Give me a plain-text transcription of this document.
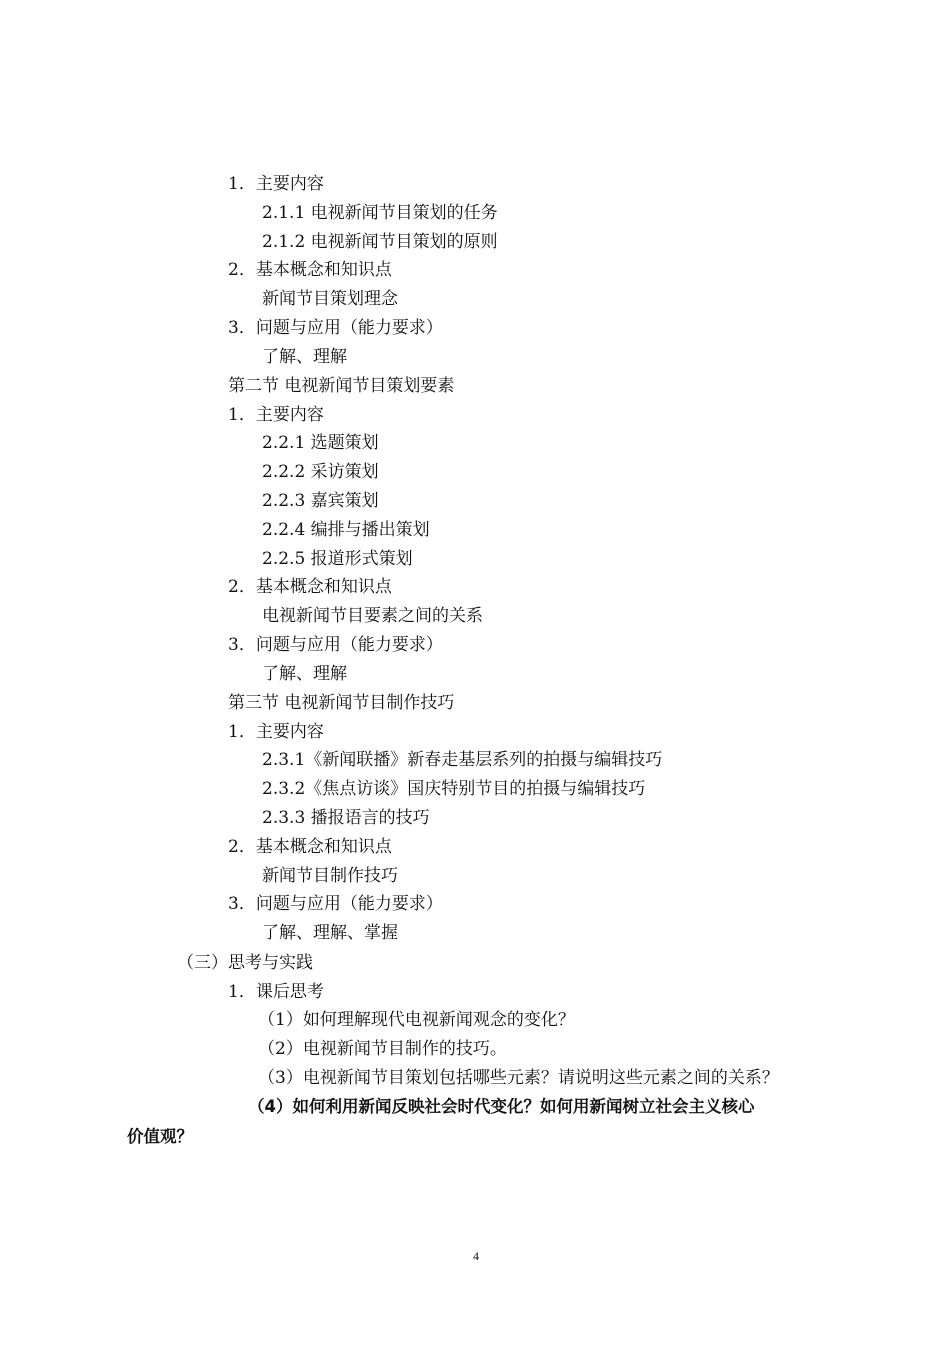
1．主要内容

2.1.1 电视新闻节目策划的任务

2.1.2 电视新闻节目策划的原则

2．基本概念和知识点

新闻节目策划理念

3．问题与应用（能力要求）

了解、理解

第二节 电视新闻节目策划要素

1．主要内容

2.2.1 选题策划

2.2.2 采访策划

2.2.3 嘉宾策划

2.2.4 编排与播出策划

2.2.5 报道形式策划

2．基本概念和知识点

电视新闻节目要素之间的关系

3．问题与应用（能力要求）

了解、理解

第三节 电视新闻节目制作技巧

1．主要内容

2.3.1《新闻联播》新春走基层系列的拍摄与编辑技巧

2.3.2《焦点访谈》国庆特别节目的拍摄与编辑技巧

2.3.3 播报语言的技巧

2．基本概念和知识点

新闻节目制作技巧

3．问题与应用（能力要求）

了解、理解、掌握

（三）思考与实践

1．课后思考

（1）如何理解现代电视新闻观念的变化？

（2）电视新闻节目制作的技巧。

（3）电视新闻节目策划包括哪些元素？请说明这些元素之间的关系？

（4）如何利用新闻反映社会时代变化？如何用新闻树立社会主义核心

价值观？

4
